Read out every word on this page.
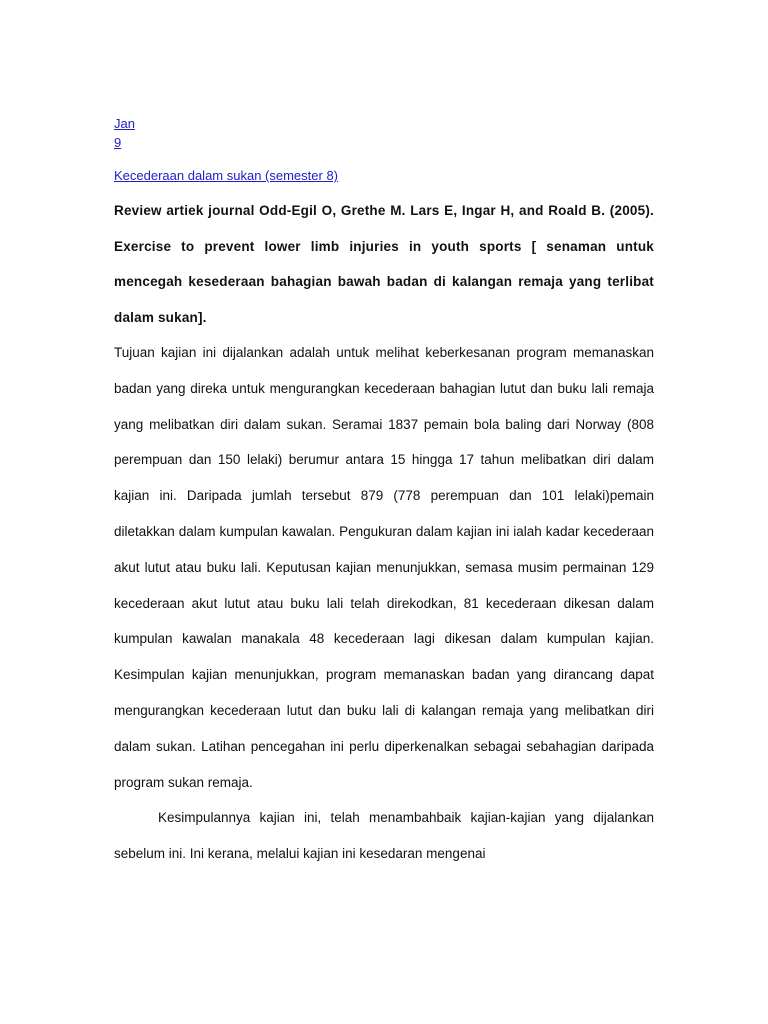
Jan
9
Kecederaan dalam sukan (semester 8)
Review artiek journal Odd-Egil O, Grethe M. Lars E, Ingar H, and Roald B. (2005). Exercise to prevent lower limb injuries in youth sports [ senaman untuk mencegah kesederaan bahagian bawah badan di kalangan remaja yang terlibat dalam sukan].

Tujuan kajian ini dijalankan adalah untuk melihat keberkesanan program memanaskan badan yang direka untuk mengurangkan kecederaan bahagian lutut dan buku lali remaja yang melibatkan diri dalam sukan. Seramai 1837 pemain bola baling dari Norway (808 perempuan dan 150 lelaki) berumur antara 15 hingga 17 tahun melibatkan diri dalam kajian ini. Daripada jumlah tersebut 879 (778 perempuan dan 101 lelaki)pemain diletakkan dalam kumpulan kawalan. Pengukuran dalam kajian ini ialah kadar kecederaan akut lutut atau buku lali. Keputusan kajian menunjukkan, semasa musim permainan 129 kecederaan akut lutut atau buku lali telah direkodkan, 81 kecederaan dikesan dalam kumpulan kawalan manakala 48 kecederaan lagi dikesan dalam kumpulan kajian. Kesimpulan kajian menunjukkan, program memanaskan badan yang dirancang dapat mengurangkan kecederaan lutut dan buku lali di kalangan remaja yang melibatkan diri dalam sukan. Latihan pencegahan ini perlu diperkenalkan sebagai sebahagian daripada program sukan remaja.

Kesimpulannya kajian ini, telah menambahbaik kajian-kajian yang dijalankan sebelum ini. Ini kerana, melalui kajian ini kesedaran mengenai
